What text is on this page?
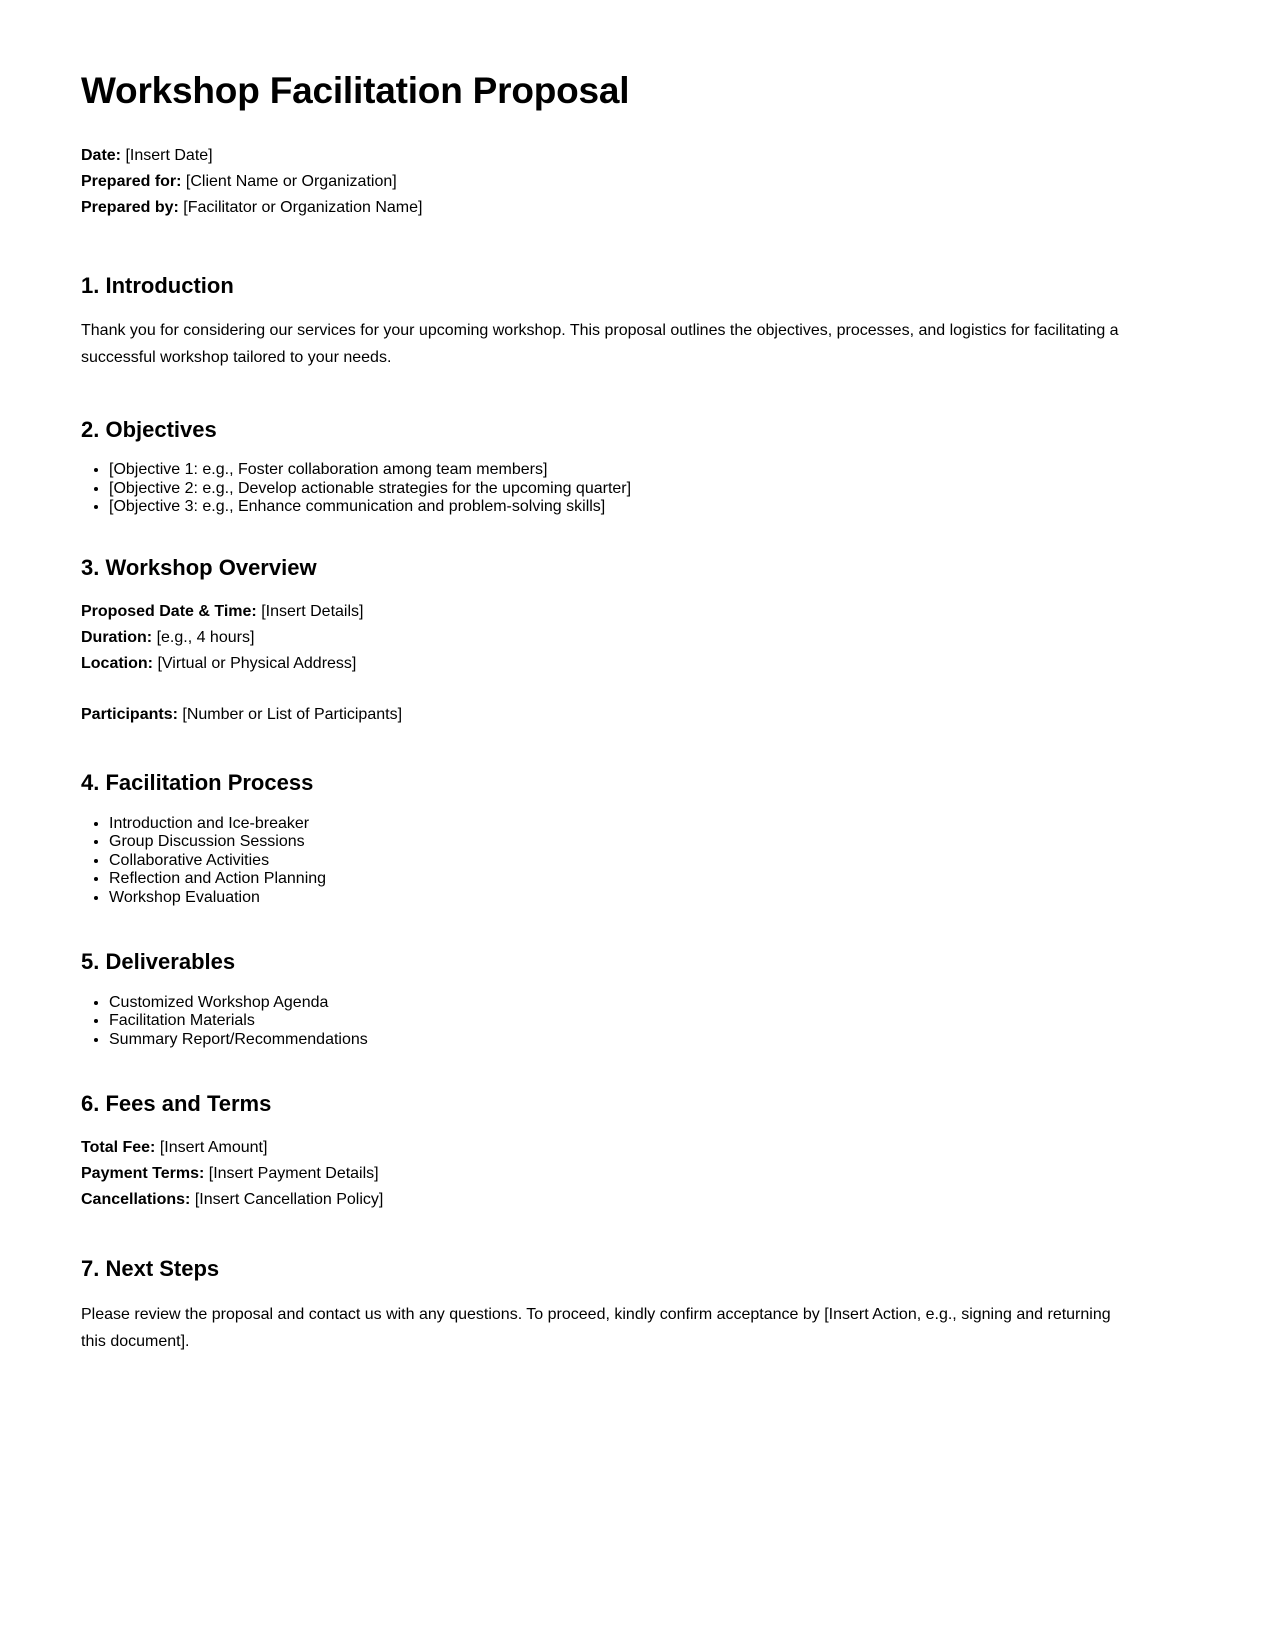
Workshop Facilitation Proposal

Date: [Insert Date]

Prepared for: [Client Name or Organization]

Prepared by: [Facilitator or Organization Name]

1. Introduction

Thank you for considering our services for your upcoming workshop. This proposal outlines the objectives, processes, and logistics for facilitating a successful workshop tailored to your needs.

2. Objectives
• [Objective 1: e.g., Foster collaboration among team members]
• [Objective 2: e.g., Develop actionable strategies for the upcoming quarter]
• [Objective 3: e.g., Enhance communication and problem-solving skills]
3. Workshop Overview

Proposed Date & Time: [Insert Details]

Duration: [e.g., 4 hours]

Location: [Virtual or Physical Address]

Participants: [Number or List of Participants]

4. Facilitation Process
• Introduction and Ice-breaker
• Group Discussion Sessions
• Collaborative Activities
• Reflection and Action Planning
• Workshop Evaluation
5. Deliverables
• Customized Workshop Agenda
• Facilitation Materials
• Summary Report/Recommendations
6. Fees and Terms

Total Fee: [Insert Amount]

Payment Terms: [Insert Payment Details]

Cancellations: [Insert Cancellation Policy]

7. Next Steps

Please review the proposal and contact us with any questions. To proceed, kindly confirm acceptance by [Insert Action, e.g., signing and returning this document].
